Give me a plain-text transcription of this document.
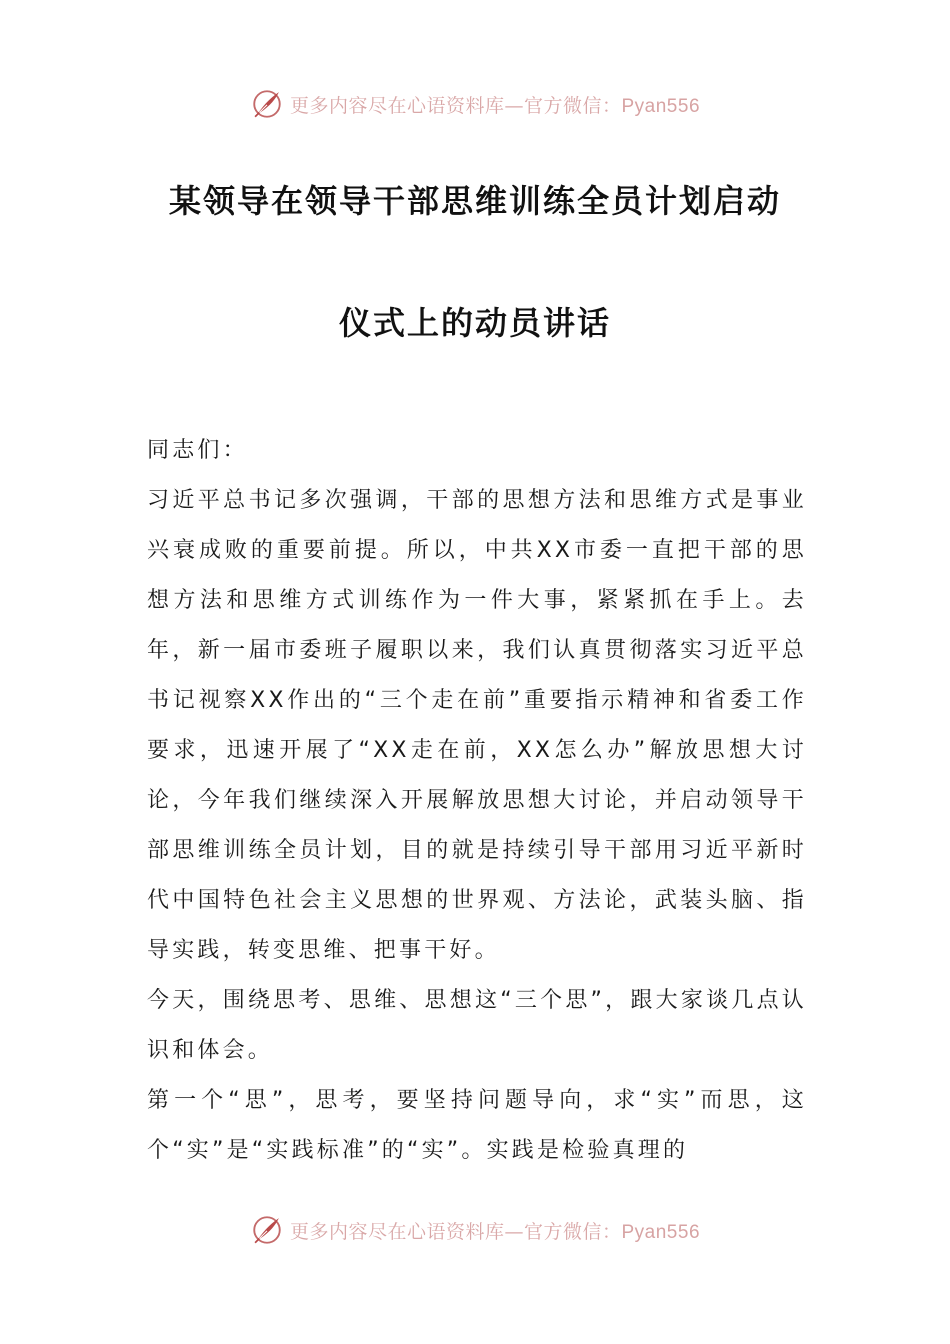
更多内容尽在心语资料库—官方微信：Pyan556
某领导在领导干部思维训练全员计划启动
仪式上的动员讲话

同志们：

习近平总书记多次强调，干部的思想方法和思维方式是事业兴衰成败的重要前提。所以，中共XX市委一直把干部的思想方法和思维方式训练作为一件大事，紧紧抓在手上。去年，新一届市委班子履职以来，我们认真贯彻落实习近平总书记视察XX作出的“三个走在前”重要指示精神和省委工作要求，迅速开展了“XX走在前，XX怎么办”解放思想大讨论，今年我们继续深入开展解放思想大讨论，并启动领导干部思维训练全员计划，目的就是持续引导干部用习近平新时代中国特色社会主义思想的世界观、方法论，武装头脑、指导实践，转变思维、把事干好。

今天，围绕思考、思维、思想这“三个思”，跟大家谈几点认识和体会。

第一个“思”，思考，要坚持问题导向，求“实”而思，这个“实”是“实践标准”的“实”。实践是检验真理的

更多内容尽在心语资料库—官方微信：Pyan556
